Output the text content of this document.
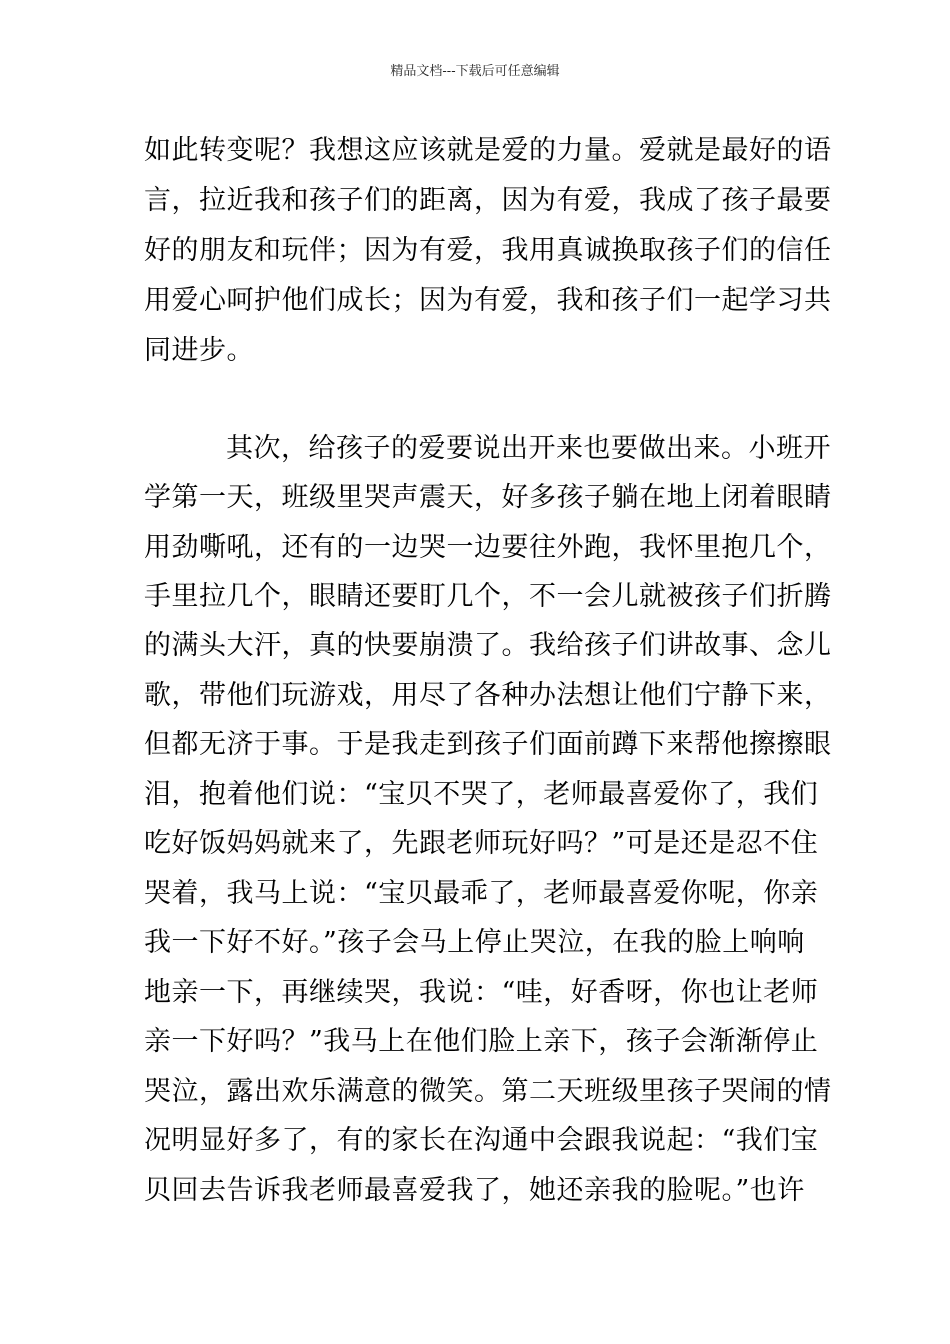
精品文档---下载后可任意编辑
如此转变呢？我想这应该就是爱的力量。爱就是最好的语
言，拉近我和孩子们的距离，因为有爱，我成了孩子最要
好的朋友和玩伴；因为有爱，我用真诚换取孩子们的信任
用爱心呵护他们成长；因为有爱，我和孩子们一起学习共
同进步。
其次，给孩子的爱要说出开来也要做出来。小班开
学第一天，班级里哭声震天，好多孩子躺在地上闭着眼睛
用劲嘶吼，还有的一边哭一边要往外跑，我怀里抱几个，
手里拉几个，眼睛还要盯几个，不一会儿就被孩子们折腾
的满头大汗，真的快要崩溃了。我给孩子们讲故事、念儿
歌，带他们玩游戏，用尽了各种办法想让他们宁静下来，
但都无济于事。于是我走到孩子们面前蹲下来帮他擦擦眼
泪，抱着他们说：“宝贝不哭了，老师最喜爱你了，我们
吃好饭妈妈就来了，先跟老师玩好吗？”可是还是忍不住
哭着，我马上说：“宝贝最乖了，老师最喜爱你呢，你亲
我一下好不好。”孩子会马上停止哭泣，在我的脸上响响
地亲一下，再继续哭，我说：“哇，好香呀，你也让老师
亲一下好吗？”我马上在他们脸上亲下，孩子会渐渐停止
哭泣，露出欢乐满意的微笑。第二天班级里孩子哭闹的情
况明显好多了，有的家长在沟通中会跟我说起：“我们宝
贝回去告诉我老师最喜爱我了，她还亲我的脸呢。”也许
